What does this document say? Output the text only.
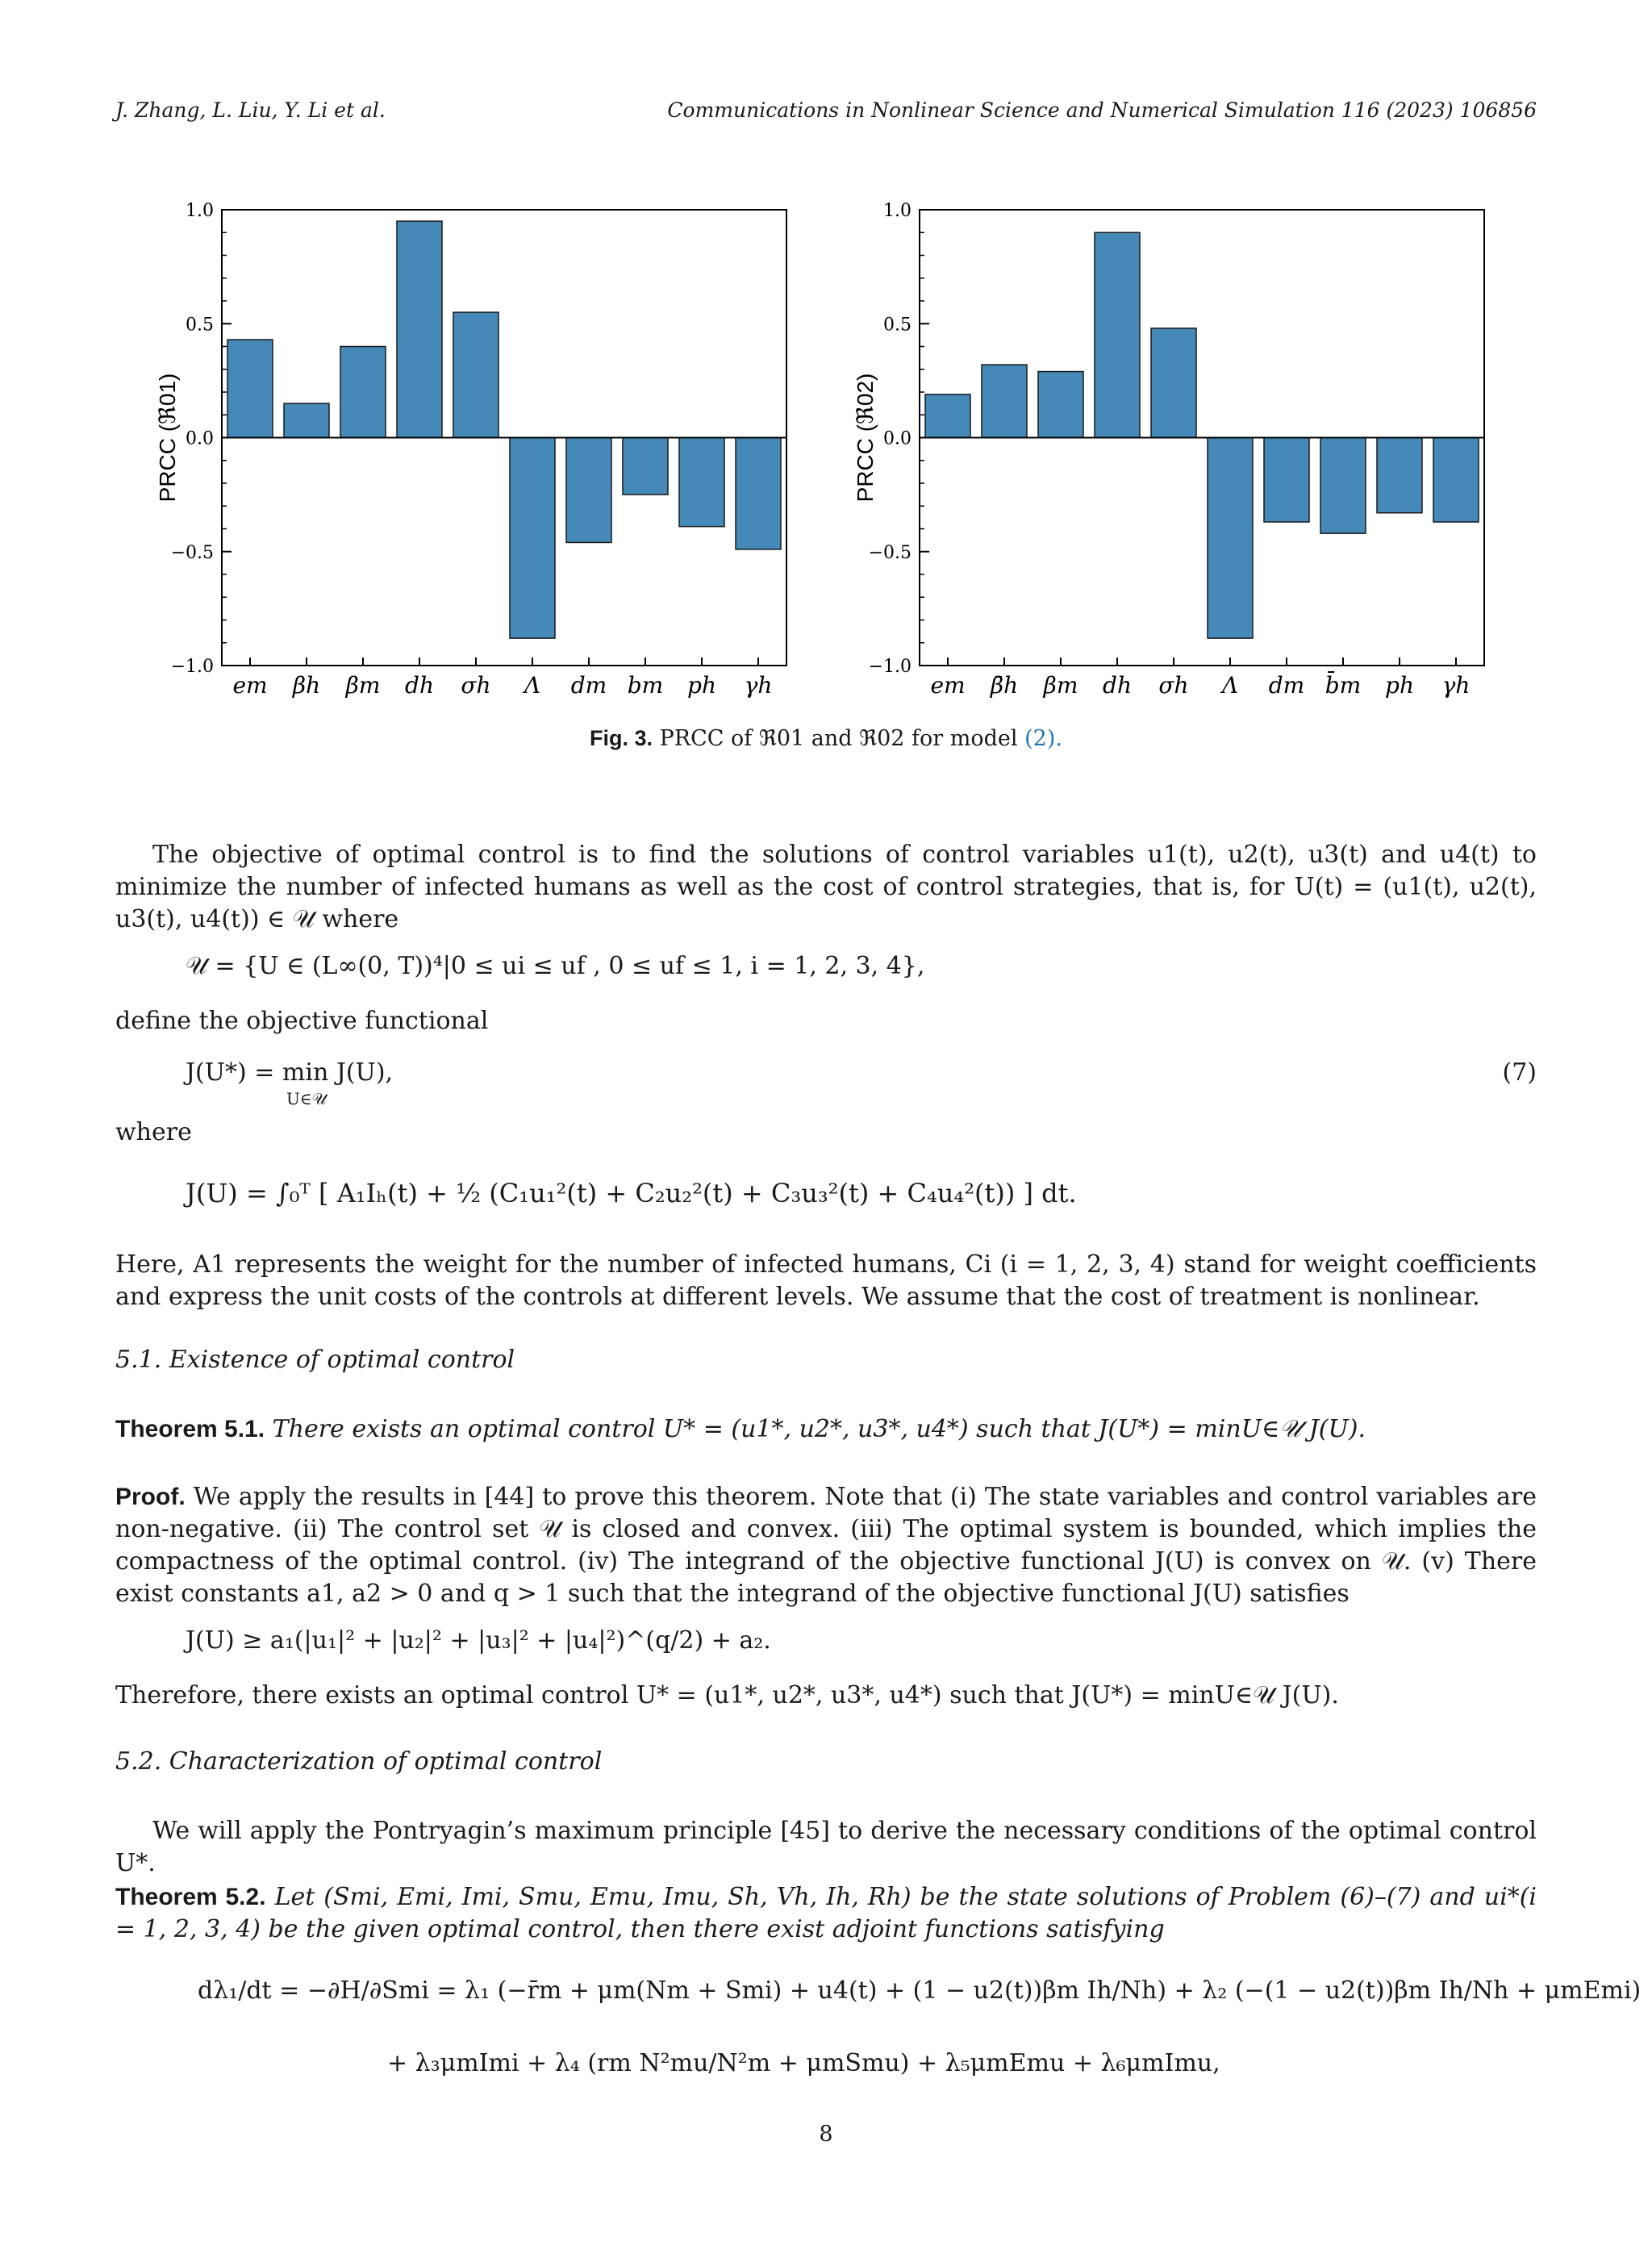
J. Zhang, L. Liu, Y. Li et al.	Communications in Nonlinear Science and Numerical Simulation 116 (2023) 106856
1.0
0.5
0.0
−0.5
−1.0
PRCC (ℜ01)
em βh βm dh σh Λ dm bm ph γh
1.0
0.5
0.0
−0.5
−1.0
PRCC (ℜ02)
em β̄h βm dh σh Λ dm b̄m ph γh
Fig. 3. PRCC of ℜ01 and ℜ02 for model (2).
The objective of optimal control is to find the solutions of control variables u1(t), u2(t), u3(t) and u4(t) to minimize the number of infected humans as well as the cost of control strategies, that is, for U(t) = (u1(t), u2(t), u3(t), u4(t)) ∈ 𝒰 where
𝒰 = {U ∈ (L∞(0, T))⁴|0 ≤ ui ≤ uf , 0 ≤ uf ≤ 1, i = 1, 2, 3, 4},
define the objective functional
J(U*) = min J(U),
U∈𝒰
(7)
where
J(U) = ∫₀ᵀ [ A₁Iₕ(t) + ½ (C₁u₁²(t) + C₂u₂²(t) + C₃u₃²(t) + C₄u₄²(t)) ] dt.
Here, A1 represents the weight for the number of infected humans, Ci (i = 1, 2, 3, 4) stand for weight coefficients and express the unit costs of the controls at different levels. We assume that the cost of treatment is nonlinear.
5.1. Existence of optimal control
Theorem 5.1. There exists an optimal control U* = (u1*, u2*, u3*, u4*) such that J(U*) = minU∈𝒰 J(U).
Proof. We apply the results in [44] to prove this theorem. Note that (i) The state variables and control variables are non-negative. (ii) The control set 𝒰 is closed and convex. (iii) The optimal system is bounded, which implies the compactness of the optimal control. (iv) The integrand of the objective functional J(U) is convex on 𝒰. (v) There exist constants a1, a2 > 0 and q > 1 such that the integrand of the objective functional J(U) satisfies
J(U) ≥ a₁(|u₁|² + |u₂|² + |u₃|² + |u₄|²)^(q/2) + a₂.
Therefore, there exists an optimal control U* = (u1*, u2*, u3*, u4*) such that J(U*) = minU∈𝒰 J(U).
5.2. Characterization of optimal control
We will apply the Pontryagin’s maximum principle [45] to derive the necessary conditions of the optimal control U*.
Theorem 5.2. Let (Smi, Emi, Imi, Smu, Emu, Imu, Sh, Vh, Ih, Rh) be the state solutions of Problem (6)–(7) and ui*(i = 1, 2, 3, 4) be the given optimal control, then there exist adjoint functions satisfying
dλ₁/dt = −∂H/∂Smi = λ₁ (−r̄m + μm(Nm + Smi) + u4(t) + (1 − u2(t))βm Ih/Nh) + λ₂ (−(1 − u2(t))βm Ih/Nh + μmEmi)
+ λ₃μmImi + λ₄ (rm N²mu/N²m + μmSmu) + λ₅μmEmu + λ₆μmImu,
8
